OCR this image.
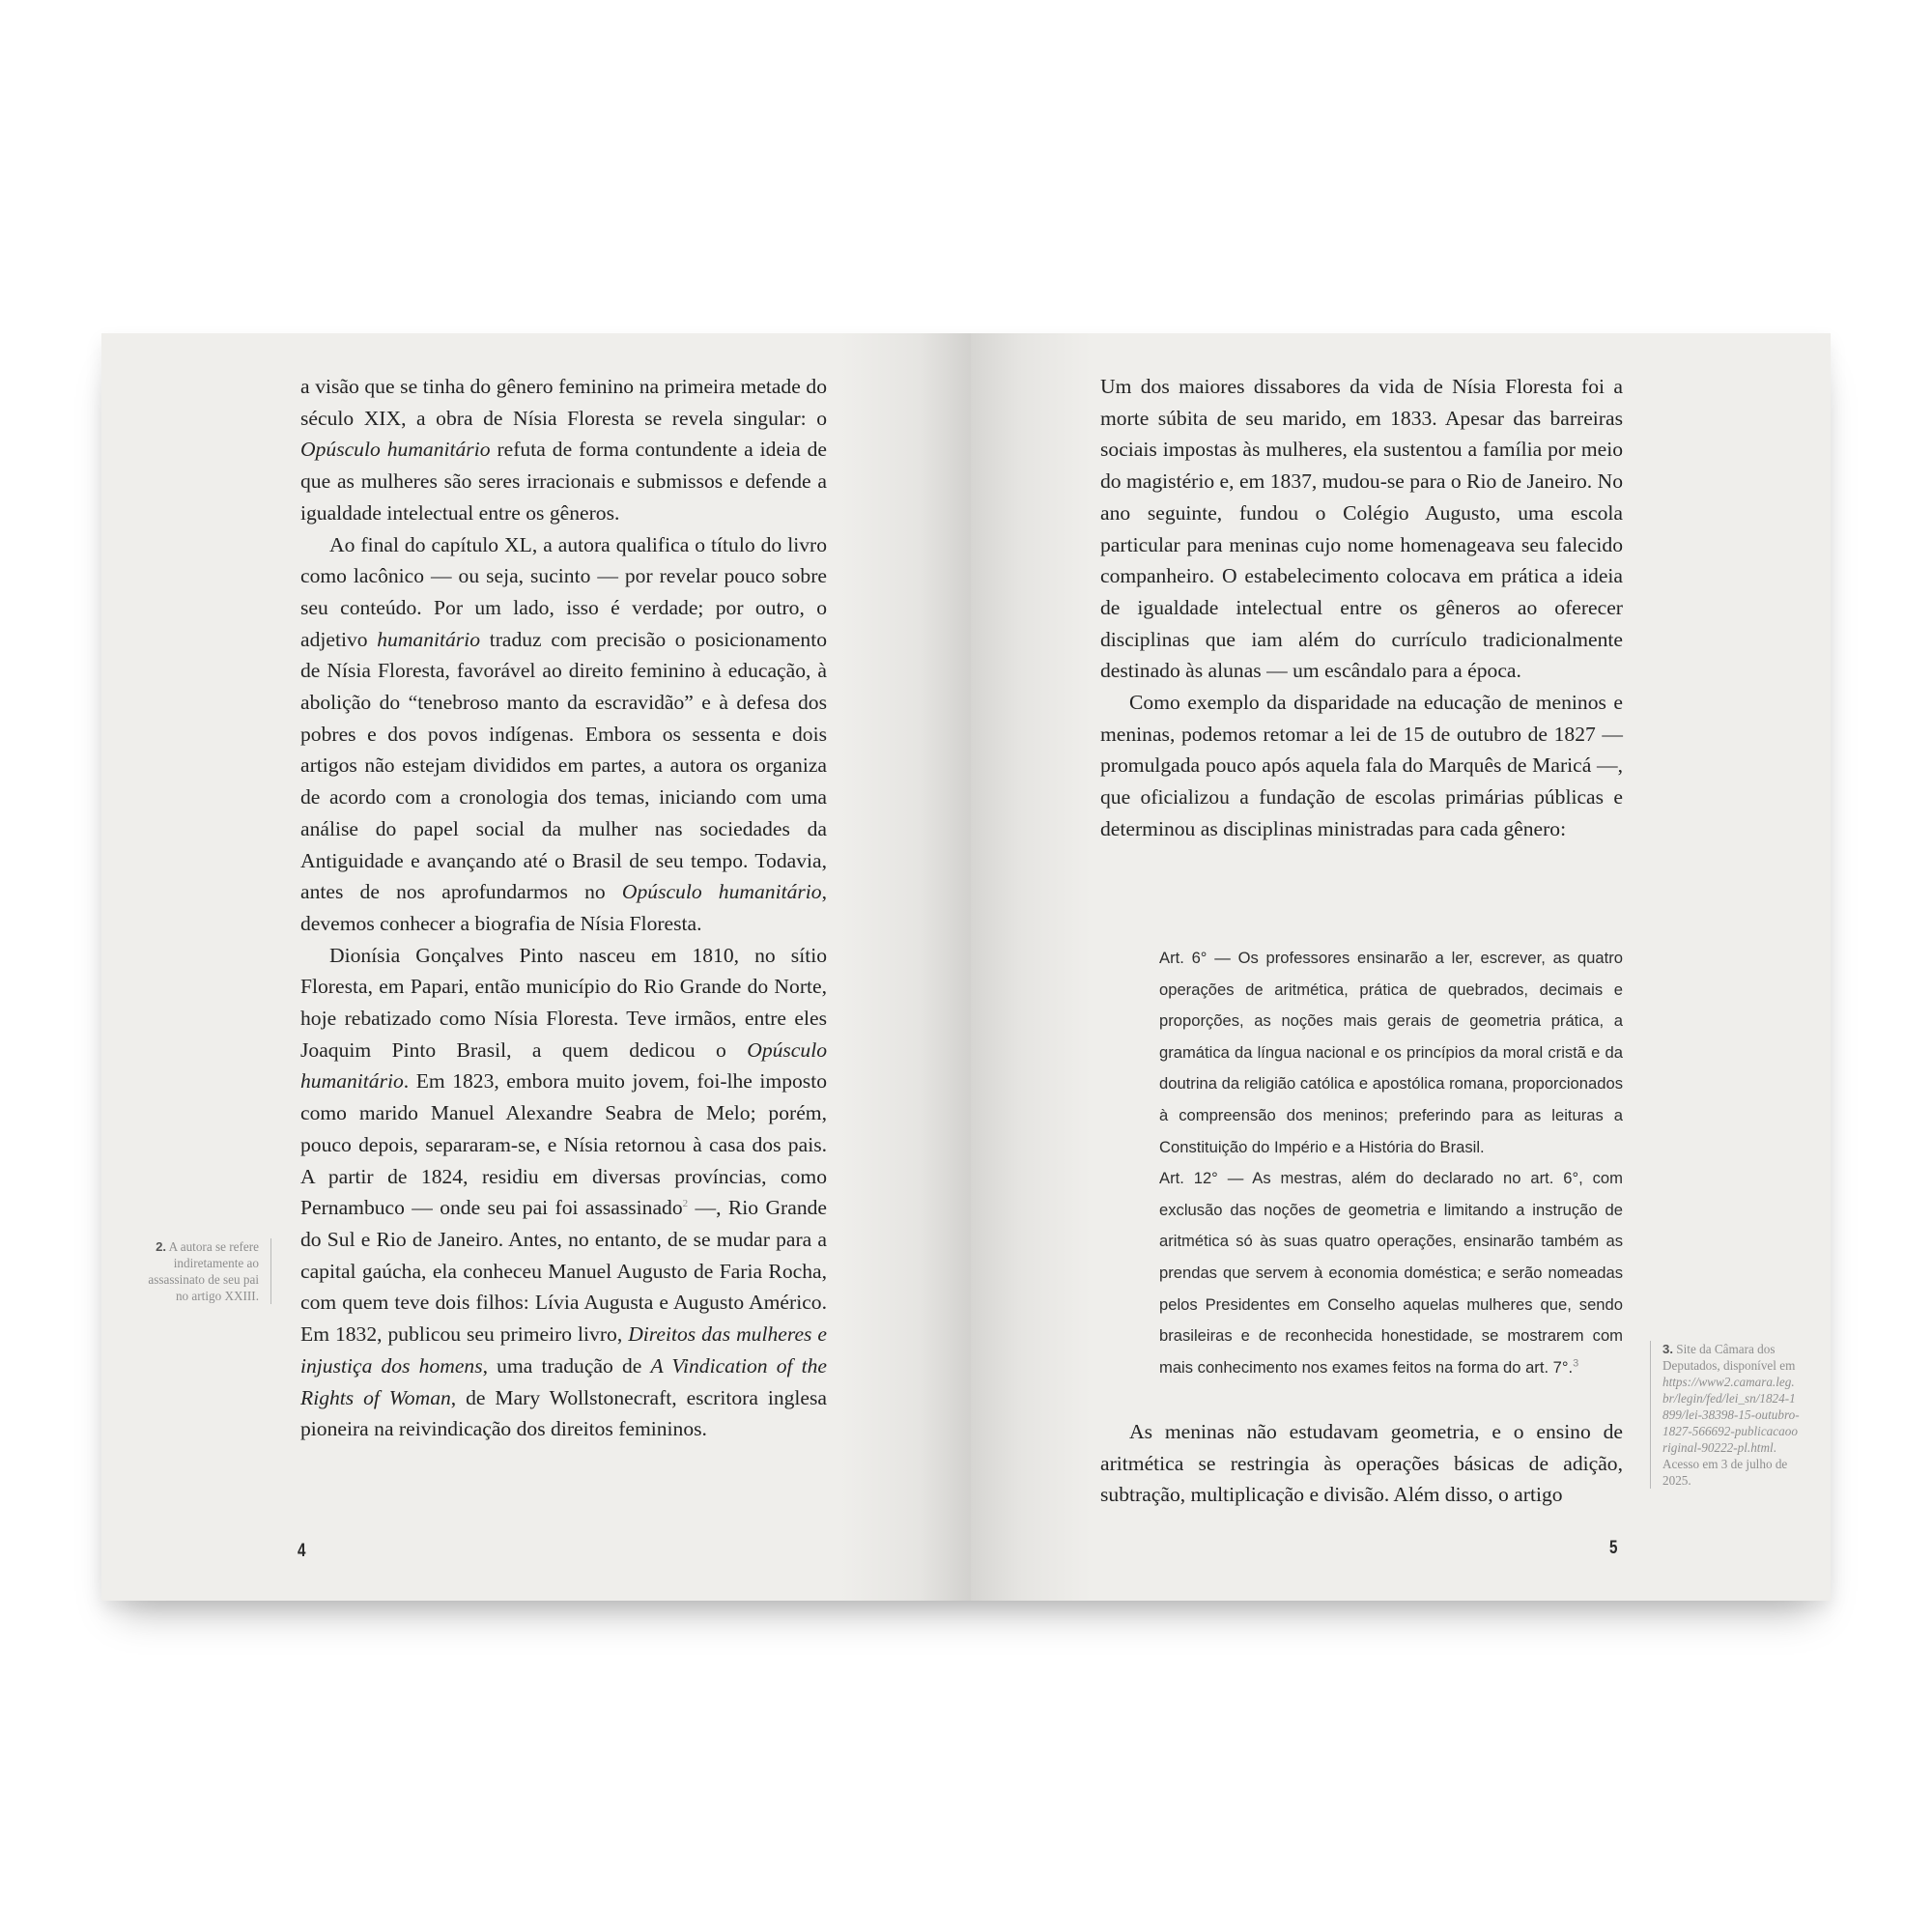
a visão que se tinha do gênero feminino na primeira metade do século XIX, a obra de Nísia Floresta se revela singular: o Opúsculo humanitário refuta de forma contundente a ideia de que as mulheres são seres irracionais e submissos e defende a igualdade intelectual entre os gêneros.

Ao final do capítulo XL, a autora qualifica o título do livro como lacônico — ou seja, sucinto — por revelar pouco sobre seu conteúdo. Por um lado, isso é verdade; por outro, o adjetivo humanitário traduz com precisão o posicionamento de Nísia Floresta, favorável ao direito feminino à educação, à abolição do “tenebroso manto da escravidão” e à defesa dos pobres e dos povos indígenas. Embora os sessenta e dois artigos não estejam divididos em partes, a autora os organiza de acordo com a cronologia dos temas, iniciando com uma análise do papel social da mulher nas sociedades da Antiguidade e avançando até o Brasil de seu tempo. Todavia, antes de nos aprofundarmos no Opúsculo humanitário, devemos conhecer a biografia de Nísia Floresta.

Dionísia Gonçalves Pinto nasceu em 1810, no sítio Floresta, em Papari, então município do Rio Grande do Norte, hoje rebatizado como Nísia Floresta. Teve irmãos, entre eles Joaquim Pinto Brasil, a quem dedicou o Opúsculo humanitário. Em 1823, embora muito jovem, foi-lhe imposto como marido Manuel Alexandre Seabra de Melo; porém, pouco depois, separaram-se, e Nísia retornou à casa dos pais. A partir de 1824, residiu em diversas províncias, como Pernambuco — onde seu pai foi assassinado$^2$ —, Rio Grande do Sul e Rio de Janeiro. Antes, no entanto, de se mudar para a capital gaúcha, ela conheceu Manuel Augusto de Faria Rocha, com quem teve dois filhos: Lívia Augusta e Augusto Américo. Em 1832, publicou seu primeiro livro, Direitos das mulheres e injustiça dos homens, uma tradução de A Vindication of the Rights of Woman, de Mary Wollstonecraft, escritora inglesa pioneira na reivindicação dos direitos femininos.

2. A autora se refere indiretamente ao assassinato de seu pai no artigo XXIII.
4

Um dos maiores dissabores da vida de Nísia Floresta foi a morte súbita de seu marido, em 1833. Apesar das barreiras sociais impostas às mulheres, ela sustentou a família por meio do magistério e, em 1837, mudou-se para o Rio de Janeiro. No ano seguinte, fundou o Colégio Augusto, uma escola particular para meninas cujo nome homenageava seu falecido companheiro. O estabelecimento colocava em prática a ideia de igualdade intelectual entre os gêneros ao oferecer disciplinas que iam além do currículo tradicionalmente destinado às alunas — um escândalo para a época.

Como exemplo da disparidade na educação de meninos e meninas, podemos retomar a lei de 15 de outubro de 1827 — promulgada pouco após aquela fala do Marquês de Maricá —, que oficializou a fundação de escolas primárias públicas e determinou as disciplinas ministradas para cada gênero:

Art. 6° — Os professores ensinarão a ler, escrever, as quatro operações de aritmética, prática de quebrados, decimais e proporções, as noções mais gerais de geometria prática, a gramática da língua nacional e os princípios da moral cristã e da doutrina da religião católica e apostólica romana, proporcionados à compreensão dos meninos; preferindo para as leituras a Constituição do Império e a História do Brasil.

Art. 12° — As mestras, além do declarado no art. 6°, com exclusão das noções de geometria e limitando a instrução de aritmética só às suas quatro operações, ensinarão também as prendas que servem à economia doméstica; e serão nomeadas pelos Presidentes em Conselho aquelas mulheres que, sendo brasileiras e de reconhecida honestidade, se mostrarem com mais conhecimento nos exames feitos na forma do art. 7°.$^3$

As meninas não estudavam geometria, e o ensino de aritmética se restringia às operações básicas de adição, subtração, multiplicação e divisão. Além disso, o artigo

3. Site da Câmara dos Deputados, disponível em https://www2.camara.leg.br/legin/fed/lei_sn/1824-1899/lei-38398-15-outubro-1827-566692-publicacaooriginal-90222-pl.html. Acesso em 3 de julho de 2025.
5
